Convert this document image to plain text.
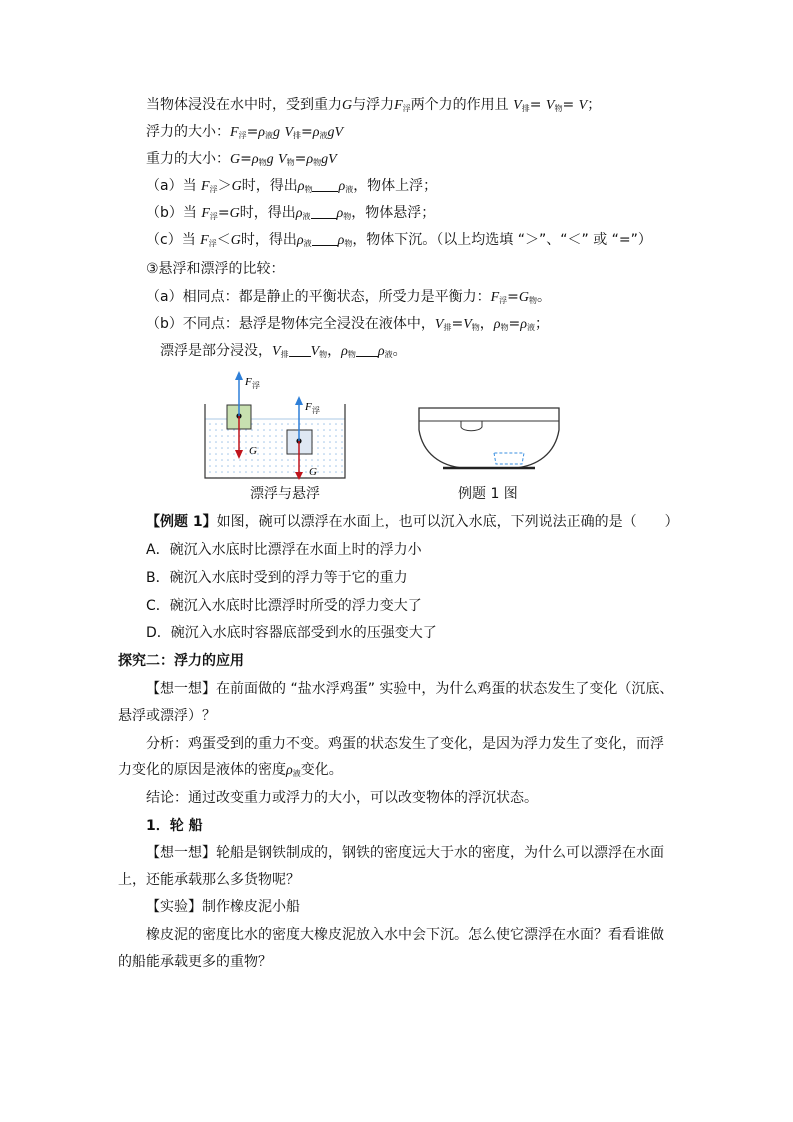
当物体浸没在水中时，受到重力G与浮力$F_浮$两个力的作用且 $V_排= V_物= V$；
浮力的大小：$F_浮=\rho_液g$ $V_排=\rho_液gV$
重力的大小：$G=\rho_物g$ $V_物=\rho_物gV$
（a）当 $F_浮>G$时，得出$\rho_物$ $\rho_液$，物体上浮；
（b）当 $F_浮=G$时，得出$\rho_液$ $\rho_物$，物体悬浮；
（c）当 $F_浮<G$时，得出$\rho_液$ $\rho_物$，物体下沉。（以上均选填 “＞”、“＜” 或 “=”）
③悬浮和漂浮的比较：
（a）相同点：都是静止的平衡状态，所受力是平衡力：$F_浮=G_物$。
（b）不同点：悬浮是物体完全浸没在液体中，$V_排=V_物$，$\rho_物=\rho_液$；
漂浮是部分浸没，$V_排$ $V_物$，$\rho_物$ $\rho_液$。
F 浮
G
F 浮
G
漂浮与悬浮	例题 1 图
【例题 1】如图，碗可以漂浮在水面上，也可以沉入水底，下列说法正确的是（　　）
A．碗沉入水底时比漂浮在水面上时的浮力小
B．碗沉入水底时受到的浮力等于它的重力
C．碗沉入水底时比漂浮时所受的浮力变大了
D．碗沉入水底时容器底部受到水的压强变大了
探究二：浮力的应用
【想一想】在前面做的 “盐水浮鸡蛋” 实验中，为什么鸡蛋的状态发生了变化（沉底、
悬浮或漂浮）？
分析：鸡蛋受到的重力不变。鸡蛋的状态发生了变化，是因为浮力发生了变化，而浮
力变化的原因是液体的密度$\rho_液$变化。
结论：通过改变重力或浮力的大小，可以改变物体的浮沉状态。
1．轮 船
【想一想】轮船是钢铁制成的，钢铁的密度远大于水的密度，为什么可以漂浮在水面
上，还能承载那么多货物呢？
【实验】制作橡皮泥小船
橡皮泥的密度比水的密度大橡皮泥放入水中会下沉。怎么使它漂浮在水面？看看谁做
的船能承载更多的重物？
